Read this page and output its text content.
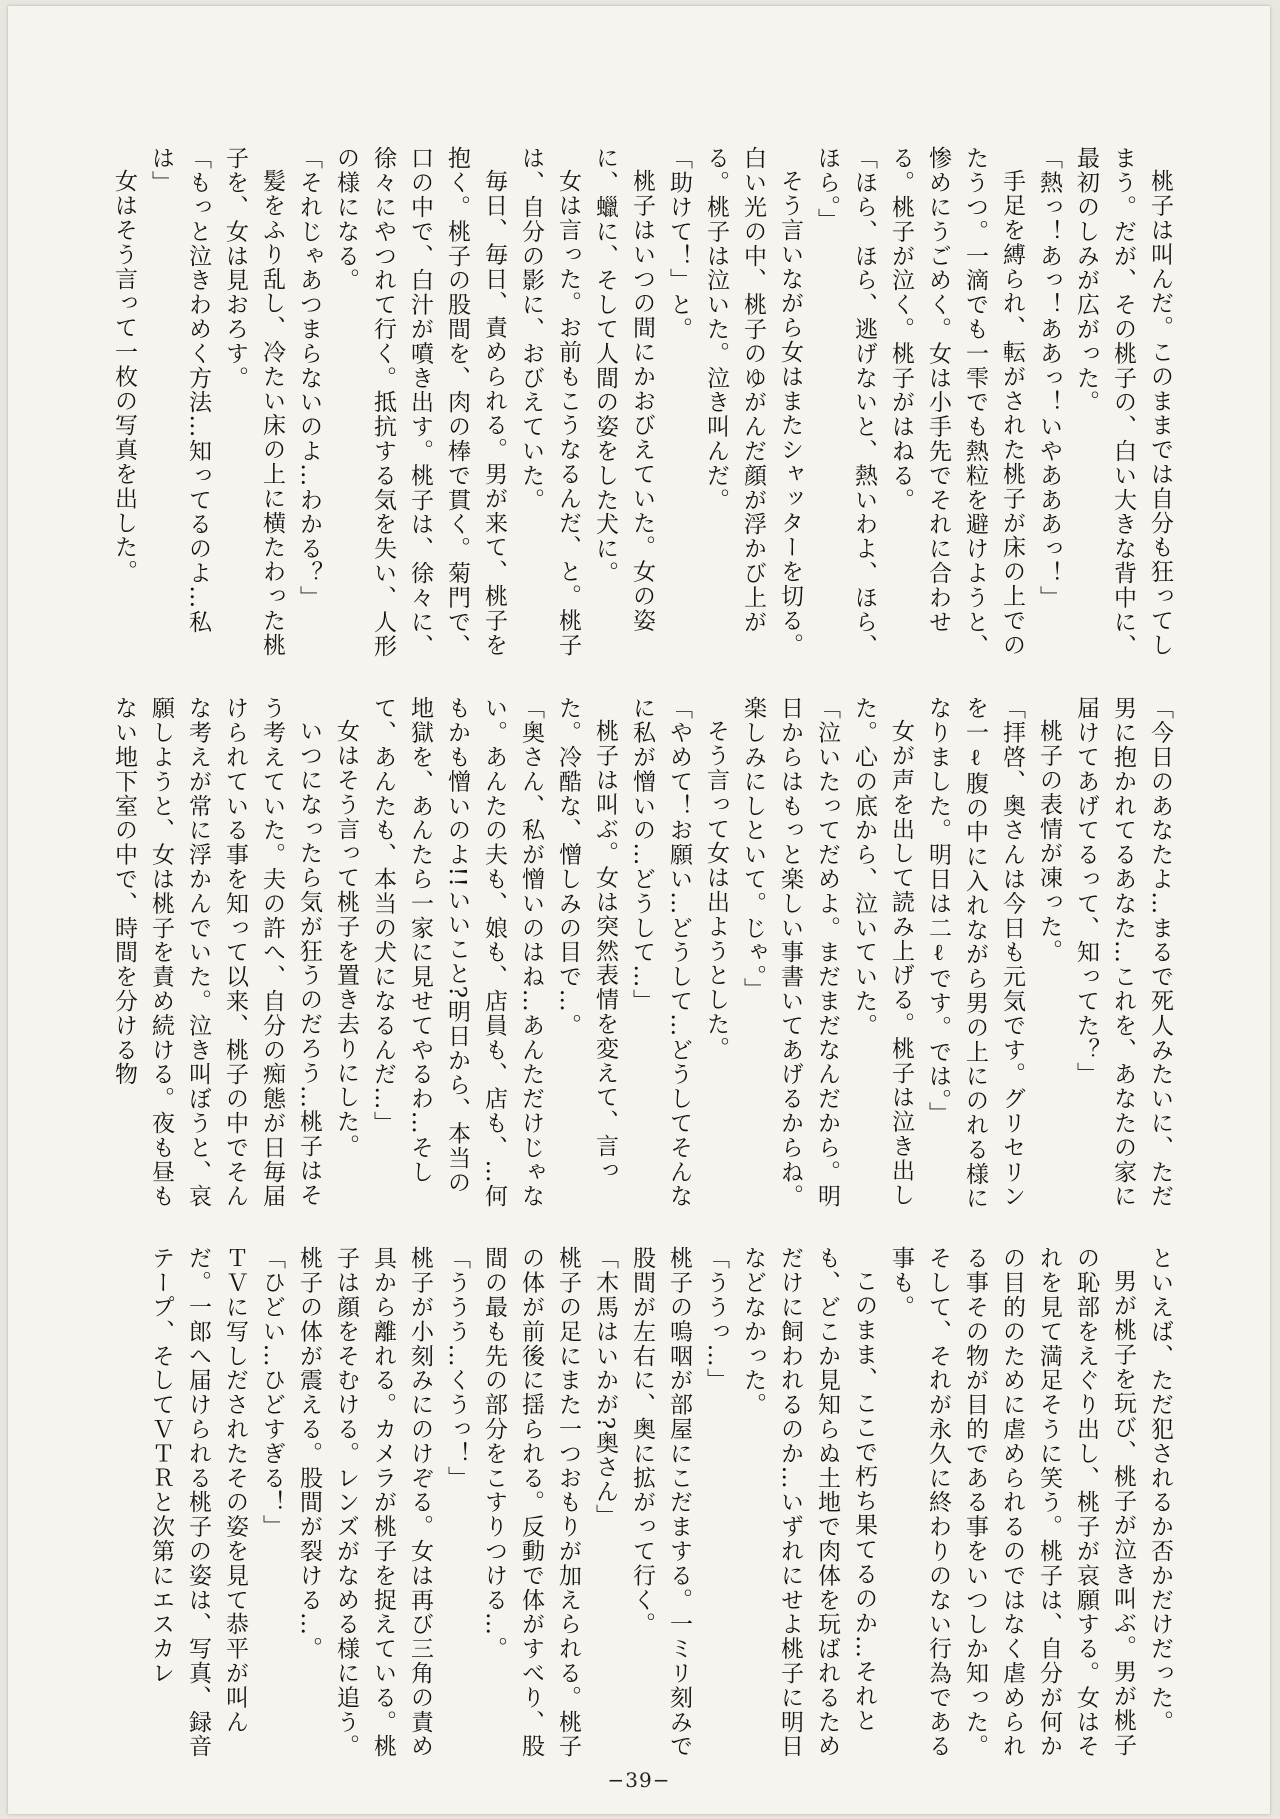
桃子は叫んだ。このままでは自分も狂ってしまう。だが、その桃子の、白い大きな背中に、最初のしみが広がった。

「熱っ！あっ！ああっ！いやあああっ！」

手足を縛られ、転がされた桃子が床の上でのたうつ。一滴でも一雫でも熱粒を避けようと、惨めにうごめく。女は小手先でそれに合わせる。桃子が泣く。桃子がはねる。

「ほら、ほら、逃げないと、熱いわよ、ほら、ほら。」

そう言いながら女はまたシャッターを切る。白い光の中、桃子のゆがんだ顔が浮かび上がる。桃子は泣いた。泣き叫んだ。

「助けて！」と。

桃子はいつの間にかおびえていた。女の姿に、蠟に、そして人間の姿をした犬に。

女は言った。お前もこうなるんだ、と。桃子は、自分の影に、おびえていた。

毎日、毎日、責められる。男が来て、桃子を抱く。桃子の股間を、肉の棒で貫く。菊門で、口の中で、白汁が噴き出す。桃子は、徐々に、徐々にやつれて行く。抵抗する気を失い、人形の様になる。

「それじゃあつまらないのよ…わかる？」

髪をふり乱し、冷たい床の上に横たわった桃子を、女は見おろす。

「もっと泣きわめく方法…知ってるのよ…私は」

女はそう言って一枚の写真を出した。

「今日のあなたよ…まるで死人みたいに、ただ男に抱かれてるあなた…これを、あなたの家に届けてあげてるって、知ってた？」

桃子の表情が凍った。

「拝啓、奥さんは今日も元気です。グリセリンを一ℓ腹の中に入れながら男の上にのれる様になりました。明日は二ℓです。では。」

女が声を出して読み上げる。桃子は泣き出した。心の底から、泣いていた。

「泣いたってだめよ。まだまだなんだから。明日からはもっと楽しい事書いてあげるからね。楽しみにしといて。じゃ。」

そう言って女は出ようとした。

「やめて！お願い…どうして…どうしてそんなに私が憎いの…どうして…」

桃子は叫ぶ。女は突然表情を変えて、言った。冷酷な、憎しみの目で…。

「奥さん、私が憎いのはね…あんただけじゃない。あんたの夫も、娘も、店員も、店も、…何もかも憎いのよ!!いいこと?明日から、本当の地獄を、あんたら一家に見せてやるわ…そして、あんたも、本当の犬になるんだ…」

女はそう言って桃子を置き去りにした。

いつになったら気が狂うのだろう…桃子はそう考えていた。夫の許へ、自分の痴態が日毎届けられている事を知って以来、桃子の中でそんな考えが常に浮かんでいた。泣き叫ぼうと、哀願しようと、女は桃子を責め続ける。夜も昼もない地下室の中で、時間を分ける物

といえば、ただ犯されるか否かだけだった。

男が桃子を玩び、桃子が泣き叫ぶ。男が桃子の恥部をえぐり出し、桃子が哀願する。女はそれを見て満足そうに笑う。桃子は、自分が何かの目的のために虐められるのではなく虐められる事その物が目的である事をいつしか知った。そして、それが永久に終わりのない行為である事も。

このまま、ここで朽ち果てるのか…それとも、どこか見知らぬ土地で肉体を玩ばれるためだけに飼われるのか…いずれにせよ桃子に明日などなかった。

「ううっ…」

桃子の嗚咽が部屋にこだまする。一ミリ刻みで股間が左右に、奥に拡がって行く。

「木馬はいかが?奥さん」

桃子の足にまた一つおもりが加えられる。桃子の体が前後に揺られる。反動で体がすべり、股間の最も先の部分をこすりつける…。

「ううう…くうっ！」

桃子が小刻みにのけぞる。女は再び三角の責め具から離れる。カメラが桃子を捉えている。桃子は顔をそむける。レンズがなめる様に追う。桃子の体が震える。股間が裂ける…。

「ひどい…ひどすぎる！」

ＴＶに写しだされたその姿を見て恭平が叫んだ。一郎へ届けられる桃子の姿は、写真、録音テープ、そしてＶＴＲと次第にエスカレ

−39−
